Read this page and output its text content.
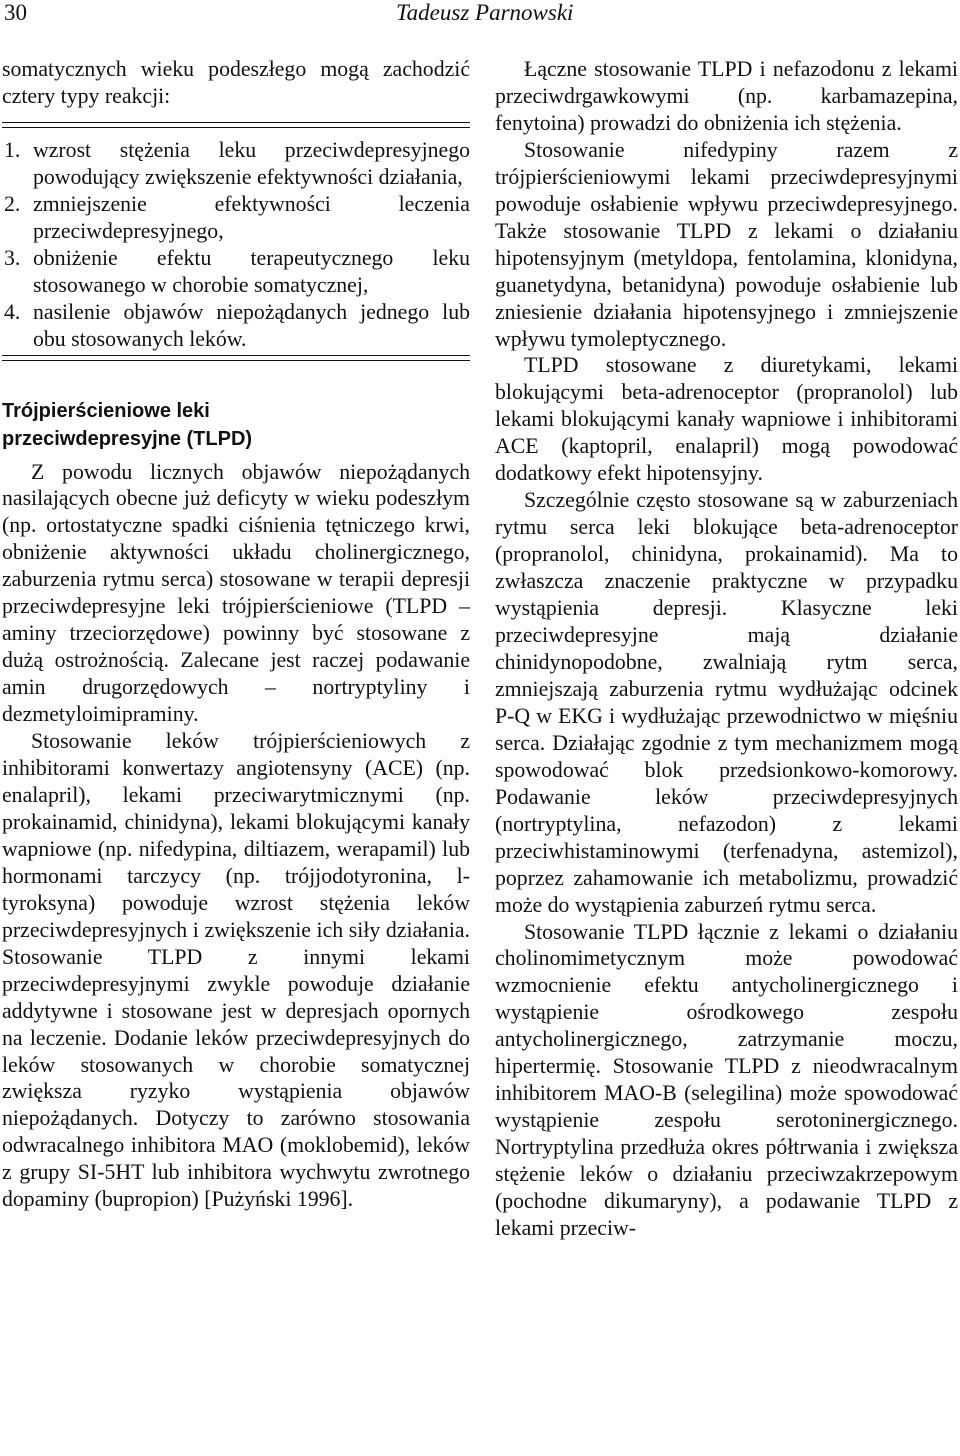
30	Tadeusz Parnowski

somatycznych wieku podeszłego mogą zachodzić cztery typy reakcji:

1. wzrost stężenia leku przeciwdepresyjnego powodujący zwiększenie efektywności działania,
2. zmniejszenie efektywności leczenia przeciwdepresyjnego,
3. obniżenie efektu terapeutycznego leku stosowanego w chorobie somatycznej,
4. nasilenie objawów niepożądanych jednego lub obu stosowanych leków.
Trójpierścieniowe leki
przeciwdepresyjne (TLPD)

Z powodu licznych objawów niepożądanych nasilających obecne już deficyty w wieku podeszłym (np. ortostatyczne spadki ciśnienia tętniczego krwi, obniżenie aktywności układu cholinergicznego, zaburzenia rytmu serca) stosowane w terapii depresji przeciwdepresyjne leki trójpierścieniowe (TLPD – aminy trzeciorzędowe) powinny być stosowane z dużą ostrożnością. Zalecane jest raczej podawanie amin drugorzędowych – nortryptyliny i dezmetyloimipraminy.

Stosowanie leków trójpierścieniowych z inhibitorami konwertazy angiotensyny (ACE) (np. enalapril), lekami przeciwarytmicznymi (np. prokainamid, chinidyna), lekami blokującymi kanały wapniowe (np. nifedypina, diltiazem, werapamil) lub hormonami tarczycy (np. trójjodotyronina, l-tyroksyna) powoduje wzrost stężenia leków przeciwdepresyjnych i zwiększenie ich siły działania. Stosowanie TLPD z innymi lekami przeciwdepresyjnymi zwykle powoduje działanie addytywne i stosowane jest w depresjach opornych na leczenie. Dodanie leków przeciwdepresyjnych do leków stosowanych w chorobie somatycznej zwiększa ryzyko wystąpienia objawów niepożądanych. Dotyczy to zarówno stosowania odwracalnego inhibitora MAO (moklobemid), leków z grupy SI-5HT lub inhibitora wychwytu zwrotnego dopaminy (bupropion) [Pużyński 1996].

Łączne stosowanie TLPD i nefazodonu z lekami przeciwdrgawkowymi (np. karbamazepina, fenytoina) prowadzi do obniżenia ich stężenia.

Stosowanie nifedypiny razem z trójpierścieniowymi lekami przeciwdepresyjnymi powoduje osłabienie wpływu przeciwdepresyjnego. Także stosowanie TLPD z lekami o działaniu hipotensyjnym (metyldopa, fentolamina, klonidyna, guanetydyna, betanidyna) powoduje osłabienie lub zniesienie działania hipotensyjnego i zmniejszenie wpływu tymoleptycznego.

TLPD stosowane z diuretykami, lekami blokującymi beta-adrenoceptor (propranolol) lub lekami blokującymi kanały wapniowe i inhibitorami ACE (kaptopril, enalapril) mogą powodować dodatkowy efekt hipotensyjny.

Szczególnie często stosowane są w zaburzeniach rytmu serca leki blokujące beta-adrenoceptor (propranolol, chinidyna, prokainamid). Ma to zwłaszcza znaczenie praktyczne w przypadku wystąpienia depresji. Klasyczne leki przeciwdepresyjne mają działanie chinidynopodobne, zwalniają rytm serca, zmniejszają zaburzenia rytmu wydłużając odcinek P-Q w EKG i wydłużając przewodnictwo w mięśniu serca. Działając zgodnie z tym mechanizmem mogą spowodować blok przedsionkowo-komorowy. Podawanie leków przeciwdepresyjnych (nortryptylina, nefazodon) z lekami przeciwhistaminowymi (terfenadyna, astemizol), poprzez zahamowanie ich metabolizmu, prowadzić może do wystąpienia zaburzeń rytmu serca.

Stosowanie TLPD łącznie z lekami o działaniu cholinomimetycznym może powodować wzmocnienie efektu antycholinergicznego i wystąpienie ośrodkowego zespołu antycholinergicznego, zatrzymanie moczu, hipertermię. Stosowanie TLPD z nieodwracalnym inhibitorem MAO-B (selegilina) może spowodować wystąpienie zespołu serotoninergicznego. Nortryptylina przedłuża okres półtrwania i zwiększa stężenie leków o działaniu przeciwzakrzepowym (pochodne dikumaryny), a podawanie TLPD z lekami przeciw-
